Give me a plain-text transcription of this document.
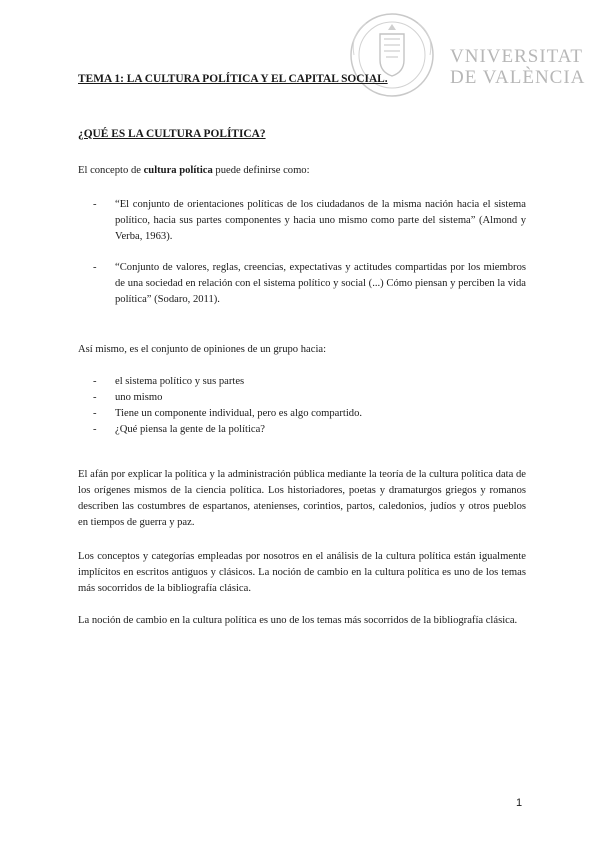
VNIVERSITAT
DE VALÈNCIA
TEMA 1: LA CULTURA POLÍTICA Y EL CAPITAL SOCIAL.
¿QUÉ ES LA CULTURA POLÍTICA?

El concepto de cultura política puede definirse como:

- “El conjunto de orientaciones políticas de los ciudadanos de la misma nación hacia el sistema político, hacia sus partes componentes y hacia uno mismo como parte del sistema” (Almond y Verba, 1963).

- “Conjunto de valores, reglas, creencias, expectativas y actitudes compartidas por los miembros de una sociedad en relación con el sistema político y social (...) Cómo piensan y perciben la vida política” (Sodaro, 2011).

Así mismo, es el conjunto de opiniones de un grupo hacia:

- el sistema político y sus partes

- uno mismo

- Tiene un componente individual, pero es algo compartido.

- ¿Qué piensa la gente de la política?

El afán por explicar la política y la administración pública mediante la teoría de la cultura política data de los orígenes mismos de la ciencia política. Los historiadores, poetas y dramaturgos griegos y romanos describen las costumbres de espartanos, atenienses, corintios, partos, caledonios, judíos y otros pueblos en tiempos de guerra y paz.

Los conceptos y categorías empleadas por nosotros en el análisis de la cultura política están igualmente implícitos en escritos antiguos y clásicos. La noción de cambio en la cultura política es uno de los temas más socorridos de la bibliografía clásica.

La noción de cambio en la cultura política es uno de los temas más socorridos de la bibliografía clásica.

1
